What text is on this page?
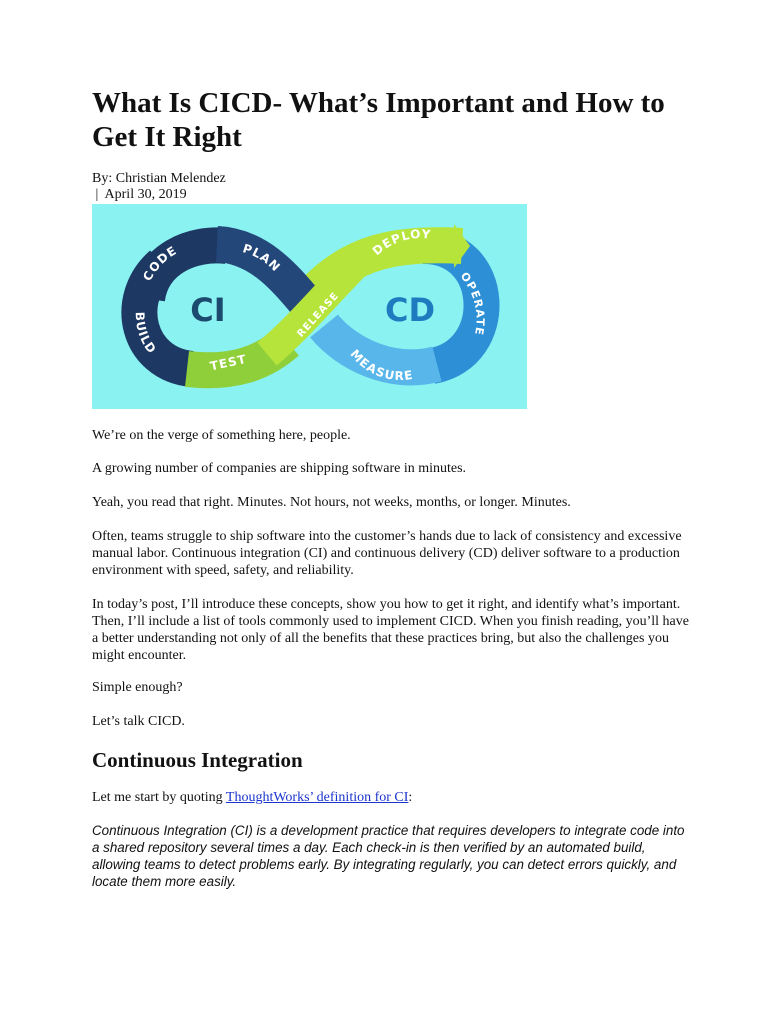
What Is CICD- What’s Important and How to Get It Right
By: Christian Melendez
|  April 30, 2019
CODE	PLAN
BUILD
TEST
RELEASE
DEPLOY
OPERATE
MEASURE
CI	CD

We’re on the verge of something here, people.

A growing number of companies are shipping software in minutes.

Yeah, you read that right. Minutes. Not hours, not weeks, months, or longer. Minutes.

Often, teams struggle to ship software into the customer’s hands due to lack of consistency and excessive manual labor. Continuous integration (CI) and continuous delivery (CD) deliver software to a production environment with speed, safety, and reliability.

In today’s post, I’ll introduce these concepts, show you how to get it right, and identify what’s important. Then, I’ll include a list of tools commonly used to implement CICD. When you finish reading, you’ll have a better understanding not only of all the benefits that these practices bring, but also the challenges you might encounter.

Simple enough?

Let’s talk CICD.

Continuous Integration

Let me start by quoting ThoughtWorks’ definition for CI:

Continuous Integration (CI) is a development practice that requires developers to integrate code into a shared repository several times a day. Each check-in is then verified by an automated build, allowing teams to detect problems early. By integrating regularly, you can detect errors quickly, and locate them more easily.
